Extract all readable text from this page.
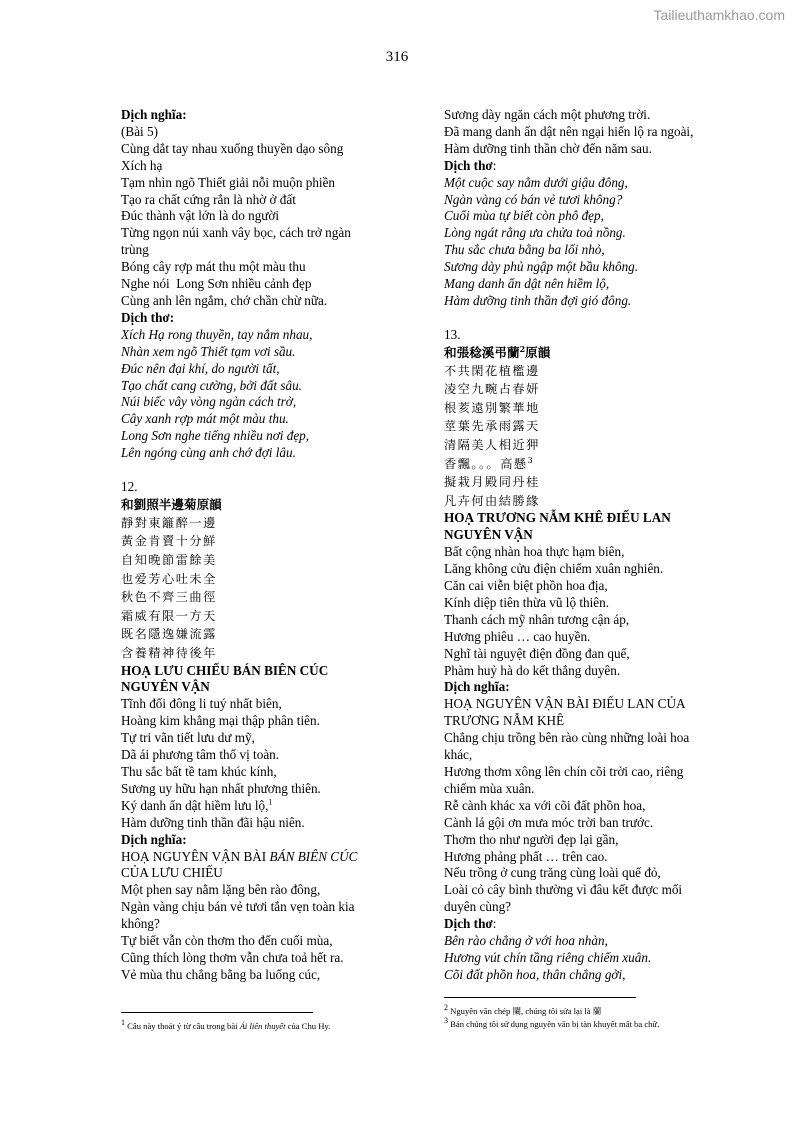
Tailieuthamkhao.com
316
Dịch nghĩa:
(Bài 5)
Cùng dắt tay nhau xuống thuyền dạo sông
Xích hạ
Tạm nhìn ngõ Thiết giải nỗi muộn phiền
Tạo ra chất cứng rắn là nhờ ở đất
Đúc thành vật lớn là do người
Từng ngọn núi xanh vây bọc, cách trở ngàn
trùng
Bóng cây rợp mát thu một màu thu
Nghe nói  Long Sơn nhiều cảnh đẹp
Cùng anh lên ngắm, chớ chần chừ nữa.
Dịch thơ:
Xích Hạ rong thuyền, tay nắm nhau,
Nhàn xem ngõ Thiết tạm vơi sầu.
Đúc nên đại khí, do người tất,
Tạo chất cang cường, bởi đất sâu.
Núi biếc vây vòng ngàn cách trở,
Cây xanh rợp mát một màu thu.
Long Sơn nghe tiếng nhiều nơi đẹp,
Lên ngóng cùng anh chớ đợi lâu.
12.
和劉照半邊菊原韻
靜對東籬醉一邊
黃金肯賣十分鮮
自知晚節雷餘美
也爱芳心吐未全
秋色不齊三曲徑
霜威有限一方天
既名隱逸嫌流露
含養精神待後年
HOẠ LƯU CHIẾU BÁN BIÊN CÚC
NGUYÊN VẬN
Tĩnh đối đông li tuý nhất biên,
Hoàng kim khẳng mại thập phân tiên.
Tự tri vãn tiết lưu dư mỹ,
Dã ái phương tâm thổ vị toàn.
Thu sắc bất tề tam khúc kính,
Sương uy hữu hạn nhất phương thiên.
Ký danh ẩn dật hiềm lưu lộ,$^1$
Hàm dưỡng tinh thần đãi hậu niên.
Dịch nghĩa:
HOẠ NGUYÊN VẬN BÀI BÁN BIÊN CÚC
CỦA LƯU CHIẾU
Một phen say nằm lặng bên rào đông,
Ngàn vàng chịu bán vẻ tươi tắn vẹn toàn kia
không?
Tự biết vẫn còn thơm tho đến cuối mùa,
Cũng thích lòng thơm vẫn chưa toả hết ra.
Vẻ mùa thu chẳng bằng ba luống cúc,
Sương dày ngăn cách một phương trời.
Đã mang danh ẩn dật nên ngại hiển lộ ra ngoài,
Hàm dưỡng tinh thần chờ đến năm sau.
Dịch thơ:
Một cuộc say nằm dưới giậu đông,
Ngàn vàng có bán vẻ tươi không?
Cuối mùa tự biết còn phô đẹp,
Lòng ngát rằng ưa chửa toả nồng.
Thu sắc chưa bằng ba lối nhỏ,
Sương dày phủ ngập một bầu không.
Mang danh ẩn dật nên hiềm lộ,
Hàm dưỡng tinh thần đợi gió đông.
13.
和張稔溪弔蘭$^2$原韻
不共閑花植檻邊
凌空九畹占春妍
根荄遠別繁華地
莖葉先承雨露天
清隔美人相近狎
香飄。。。高懸$^3$
擬栽月殿同丹桂
凡卉何由結勝緣
HOẠ TRƯƠNG NẪM KHÊ ĐIẾU LAN
NGUYÊN VẬN
Bất cộng nhàn hoa thực hạm biên,
Lăng không cửu điện chiếm xuân nghiên.
Căn cai viễn biệt phồn hoa địa,
Kính diệp tiên thừa vũ lộ thiên.
Thanh cách mỹ nhân tương cận áp,
Hương phiêu … cao huyền.
Nghĩ tài nguyệt điện đồng đan quế,
Phàm huỷ hà do kết thắng duyên.
Dịch nghĩa:
HOẠ NGUYÊN VẬN BÀI ĐIẾU LAN CỦA
TRƯƠNG NẪM KHÊ
Chẳng chịu trồng bên rào cùng những loài hoa
khác,
Hương thơm xông lên chín cõi trời cao, riêng
chiếm mùa xuân.
Rễ cành khác xa với cõi đất phồn hoa,
Cành lá gội ơn mưa móc trời ban trước.
Thơm tho như người đẹp lại gần,
Hương phảng phất … trên cao.
Nếu trồng ở cung trăng cùng loài quế đỏ,
Loài cỏ cây bình thường vì đâu kết được mối
duyên cùng?
Dịch thơ:
Bên rào chẳng ở với hoa nhàn,
Hương vút chín tầng riêng chiếm xuân.
Cõi đất phồn hoa, thân chẳng gởi,
$^1$ Câu này thoát ý từ câu trong bài Ái liên thuyết của Chu Hy.
$^2$ Nguyên văn chép 闌, chúng tôi sửa lại là 蘭
$^3$ Bản chúng tôi sử dụng nguyên văn bị tàn khuyết mất ba chữ.
